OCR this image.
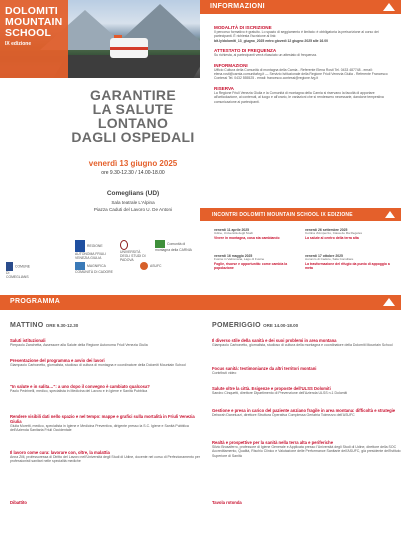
DOLOMITI
MOUNTAIN
SCHOOL
IX edizione
GARANTIRE
LA SALUTE
LONTANO
DAGLI OSPEDALI
venerdì 13 giugno 2025
ore 9.30-12.30 / 14.00-18.00
Comeglians (UD)
Sala teatrale L'Alpina
Piazza Caduti del Lavoro U. De Antoni
REGIONE AUTONOMA FRIULI VENEZIA GIULIA
UNIVERSITÀ DEGLI STUDI DI PADOVA
Comunità di montagna della CARNIA
COMUNE DI COMEGLIANS
MAGNIFICA COMUNITÀ DI CADORE
ASUFC
INFORMAZIONI
MODALITÀ DI ISCRIZIONE
Il percorso formativo è gratuito. Lo spazio di seggiamento è limitato: è obbligatoria la preiscrizione al corso dei partecipanti. È richiesta l'iscrizione al link:
bit.ly/dolomiti_13_giugno_2025 entro giovedì 12 giugno 2025 alle 16.00
ATTESTATO DI FREQUENZA
Su richiesta, ai partecipanti verrà rilasciato un attestato di frequenza.
INFORMAZIONI
Ufficio Cultura della Comunità di montagna della Carnia - Referente Elena Rosti Tel. 0433 487748 - email: elena.rosti@carnia.comunitafvg.it — Servizio Istituzionale della Regione Friuli Venezia Giulia - Referente Francesco Contessi Tel. 0432 555525 - email: francesco.contessi@regione.fvg.it
RISERVA
La Regione Friuli Venezia Giulia e la Comunità di montagna della Carnia si riservano la facoltà di apportare all'articolazione, ai contenuti, al luogo e all'orario, le variazioni che si rendessero necessarie, dandone tempestiva comunicazione ai partecipanti.
INCONTRI DOLOMITI MOUNTAIN SCHOOL IX EDIZIONE
venerdì 11 aprile 2025
Udine, Università degli Studi
Vivere in montagna, cosa sta cambiando
venerdì 26 settembre 2025
Cortina d'Ampezzo, Ciasa de Ra Regoles
La salute al centro della terra alta
venerdì 16 maggio 2025
Fusine in Valromana, Lago di Fusine
Foglie, risorse e opportunità: come cambia la popolazione
venerdì 17 ottobre 2025
Auronzo di Cadore, Sala Consiliare
La trasformazione del rifugio da punto di appoggio a meta
PROGRAMMA
MATTINO ORE 9.30-12.30	POMERIGGIO ORE 14.00-18.00
Saluti istituzionali
Pierpaolo Zanchetta, Assessore alla Salute della Regione Autonoma Friuli Venezia Giulia
Presentazione del programma e avvio dei lavori
Giampaolo Carbonetto, giornalista, studioso di cultura di montagna e coordinatore della Dolomiti Mountain School
"In salute e in salita…": a uno dopo il convegno è cambiato qualcosa?
Paolo Pedrinelli, medico, specialista in Medicina del Lavoro e in Igiene e Sanità Pubblica
Rendere visibili dati nello spazio e nel tempo: mappe e grafici sulla mortalità in Friuli Venezia Giulia
Giulia Moretti, medico, specialista in Igiene e Medicina Preventiva, dirigente presso la S.C. Igiene e Sanità Pubblica dell'Azienda Sanitaria Friuli Occidentale
Il lavoro come cura: lavorare con, oltre, la malattia
Anna Zilli, professoressa di Diritto del Lavoro nell'Università degli Studi di Udine, docente nel corso di Perfezionamento per professionisti sanitari nelle specialità mediche
Dibattito
Il diverso stile della sanità e dei suoi problemi in area montana
Giampaolo Carbonetto, giornalista, studioso di cultura della montagna e coordinatore della Dolomiti Mountain School
Focus sanità: testimonianze da altri territori montani
Contributi video
Salute oltre la città. Esigenze e proposte dell'ULSS Dolomiti
Sandro Cinquetti, direttore Dipartimento di Prevenzione dell'Azienda ULSS n.1 Dolomiti
Gestione e presa in carico del paziente anziano fragile in area montana: difficoltà e strategie
Deborah Daneluzzi, direttore Struttura Operativa Complessa Geriatria Tolmezzo dell'ASUFC
Realtà e prospettive per la sanità nella terra alta e periferiche
Silvio Brusaferro, professore di Igiene Generale e Applicata presso l'Università degli Studi di Udine, direttore della SOC Accreditamento, Qualità, Rischio Clinico e Valutazione delle Performance Sanitarie dell'ASUFC, già presidente dell'Istituto Superiore di Sanità
Tavola rotonda
